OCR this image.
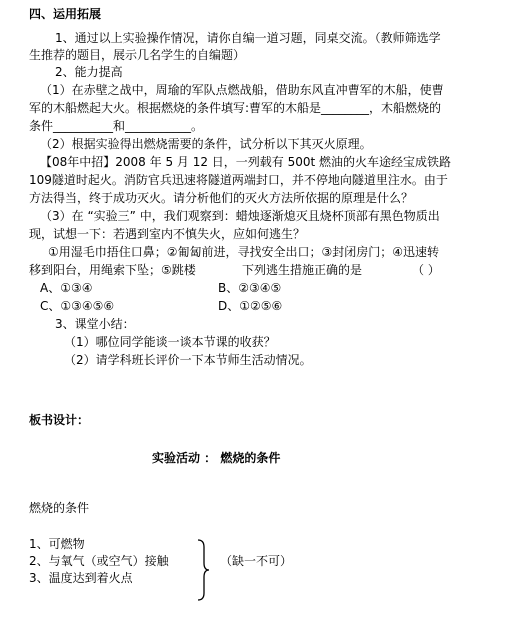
四、运用拓展
1、通过以上实验操作情况，请你自编一道习题，同桌交流。（教师筛选学
生推荐的题目，展示几名学生的自编题）
2、能力提高
（1）在赤壁之战中，周瑜的军队点燃战船，借助东风直冲曹军的木船，使曹
军的木船燃起大火。根据燃烧的条件填写:曹军的木船是________，木船燃烧的
条件__________和___________。
（2）根据实验得出燃烧需要的条件，试分析以下其灭火原理。
【08年中招】2008 年 5 月 12 日，一列载有 500t 燃油的火车途经宝成铁路
109隧道时起火。消防官兵迅速将隧道两端封口，并不停地向隧道里注水。由于
方法得当，终于成功灭火。请分析他们的灭火方法所依据的原理是什么？
（3）在 “实验三” 中，我们观察到：蜡烛逐渐熄灭且烧杯顶部有黑色物质出
现，试想一下：若遇到室内不慎失火，应如何逃生？
①用湿毛巾捂住口鼻；②匍匐前进，寻找安全出口；③封闭房门；④迅速转
移到阳台，用绳索下坠；⑤跳楼	下列逃生措施正确的是	（ ）
A、①③④	B、②③④⑤
C、①③④⑤⑥	D、①②⑤⑥
3、课堂小结：
（1）哪位同学能谈一谈本节课的收获？
（2）请学科班长评价一下本节师生活动情况。
板书设计：
实验活动 ： 燃烧的条件
燃烧的条件
1、可燃物
2、与氧气（或空气）接触
3、温度达到着火点
（缺一不可）
